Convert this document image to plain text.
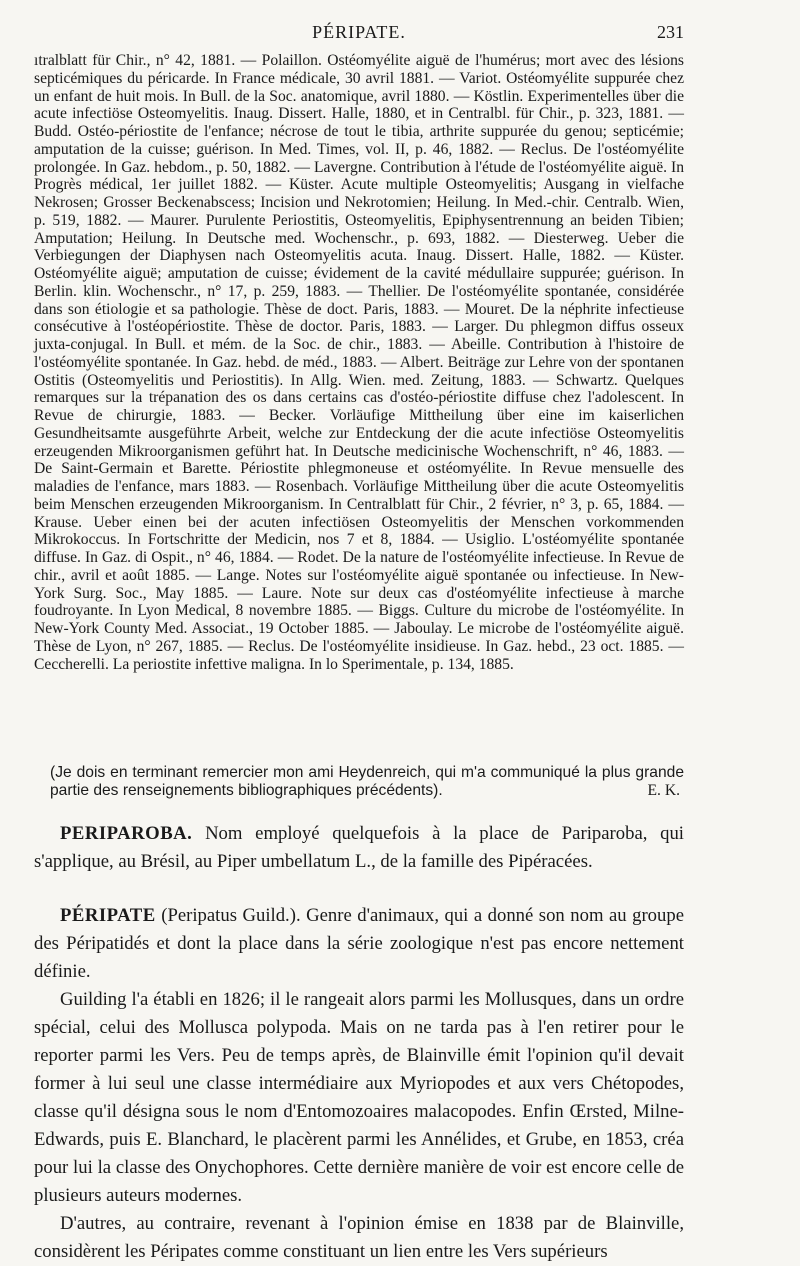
PÉRIPATE.	231

ıtralblatt für Chir., n° 42, 1881. — Polaillon. Ostéomyélite aiguë de l'humérus; mort avec des lésions septicémiques du péricarde. In France médicale, 30 avril 1881. — Variot. Ostéomyélite suppurée chez un enfant de huit mois. In Bull. de la Soc. anatomique, avril 1880. — Köstlin. Experimentelles über die acute infectiöse Osteomyelitis. Inaug. Dissert. Halle, 1880, et in Centralbl. für Chir., p. 323, 1881. — Budd. Ostéo-périostite de l'enfance; nécrose de tout le tibia, arthrite suppurée du genou; septicémie; amputation de la cuisse; guérison. In Med. Times, vol. II, p. 46, 1882. — Reclus. De l'ostéomyélite prolongée. In Gaz. hebdom., p. 50, 1882. — Lavergne. Contribution à l'étude de l'ostéomyélite aiguë. In Progrès médical, 1er juillet 1882. — Küster. Acute multiple Osteomyelitis; Ausgang in vielfache Nekrosen; Grosser Beckenabscess; Incision und Nekrotomien; Heilung. In Med.-chir. Centralb. Wien, p. 519, 1882. — Maurer. Purulente Periostitis, Osteomyelitis, Epiphysentrennung an beiden Tibien; Amputation; Heilung. In Deutsche med. Wochenschr., p. 693, 1882. — Diesterweg. Ueber die Verbiegungen der Diaphysen nach Osteomyelitis acuta. Inaug. Dissert. Halle, 1882. — Küster. Ostéomyélite aiguë; amputation de cuisse; évidement de la cavité médullaire suppurée; guérison. In Berlin. klin. Wochenschr., n° 17, p. 259, 1883. — Thellier. De l'ostéomyélite spontanée, considérée dans son étiologie et sa pathologie. Thèse de doct. Paris, 1883. — Mouret. De la néphrite infectieuse consécutive à l'ostéopériostite. Thèse de doctor. Paris, 1883. — Larger. Du phlegmon diffus osseux juxta-conjugal. In Bull. et mém. de la Soc. de chir., 1883. — Abeille. Contribution à l'histoire de l'ostéomyélite spontanée. In Gaz. hebd. de méd., 1883. — Albert. Beiträge zur Lehre von der spontanen Ostitis (Osteomyelitis und Periostitis). In Allg. Wien. med. Zeitung, 1883. — Schwartz. Quelques remarques sur la trépanation des os dans certains cas d'ostéo-périostite diffuse chez l'adolescent. In Revue de chirurgie, 1883. — Becker. Vorläufige Mittheilung über eine im kaiserlichen Gesundheitsamte ausgeführte Arbeit, welche zur Entdeckung der die acute infectiöse Osteomyelitis erzeugenden Mikroorganismen geführt hat. In Deutsche medicinische Wochenschrift, n° 46, 1883. — De Saint-Germain et Barette. Périostite phlegmoneuse et ostéomyélite. In Revue mensuelle des maladies de l'enfance, mars 1883. — Rosenbach. Vorläufige Mittheilung über die acute Osteomyelitis beim Menschen erzeugenden Mikroorganism. In Centralblatt für Chir., 2 février, n° 3, p. 65, 1884. — Krause. Ueber einen bei der acuten infectiösen Osteomyelitis der Menschen vorkommenden Mikrokoccus. In Fortschritte der Medicin, nos 7 et 8, 1884. — Usiglio. L'ostéomyélite spontanée diffuse. In Gaz. di Ospit., n° 46, 1884. — Rodet. De la nature de l'ostéomyélite infectieuse. In Revue de chir., avril et août 1885. — Lange. Notes sur l'ostéomyélite aiguë spontanée ou infectieuse. In New-York Surg. Soc., May 1885. — Laure. Note sur deux cas d'ostéomyélite infectieuse à marche foudroyante. In Lyon Medical, 8 novembre 1885. — Biggs. Culture du microbe de l'ostéomyélite. In New-York County Med. Associat., 19 October 1885. — Jaboulay. Le microbe de l'ostéomyélite aiguë. Thèse de Lyon, n° 267, 1885. — Reclus. De l'ostéomyélite insidieuse. In Gaz. hebd., 23 oct. 1885. — Ceccherelli. La periostite infettive maligna. In lo Sperimentale, p. 134, 1885.

(Je dois en terminant remercier mon ami Heydenreich, qui m'a communiqué la plus grande partie des renseignements bibliographiques précédents).	E. K.

PERIPAROBA. Nom employé quelquefois à la place de Pariparoba, qui s'applique, au Brésil, au Piper umbellatum L., de la famille des Pipéracées.

PÉRIPATE (Peripatus Guild.). Genre d'animaux, qui a donné son nom au groupe des Péripatidés et dont la place dans la série zoologique n'est pas encore nettement définie.

Guilding l'a établi en 1826; il le rangeait alors parmi les Mollusques, dans un ordre spécial, celui des Mollusca polypoda. Mais on ne tarda pas à l'en retirer pour le reporter parmi les Vers. Peu de temps après, de Blainville émit l'opinion qu'il devait former à lui seul une classe intermédiaire aux Myriopodes et aux vers Chétopodes, classe qu'il désigna sous le nom d'Entomozoaires malacopodes. Enfin Œrsted, Milne-Edwards, puis E. Blanchard, le placèrent parmi les Annélides, et Grube, en 1853, créa pour lui la classe des Onychophores. Cette dernière manière de voir est encore celle de plusieurs auteurs modernes.

D'autres, au contraire, revenant à l'opinion émise en 1838 par de Blainville, considèrent les Péripates comme constituant un lien entre les Vers supérieurs
